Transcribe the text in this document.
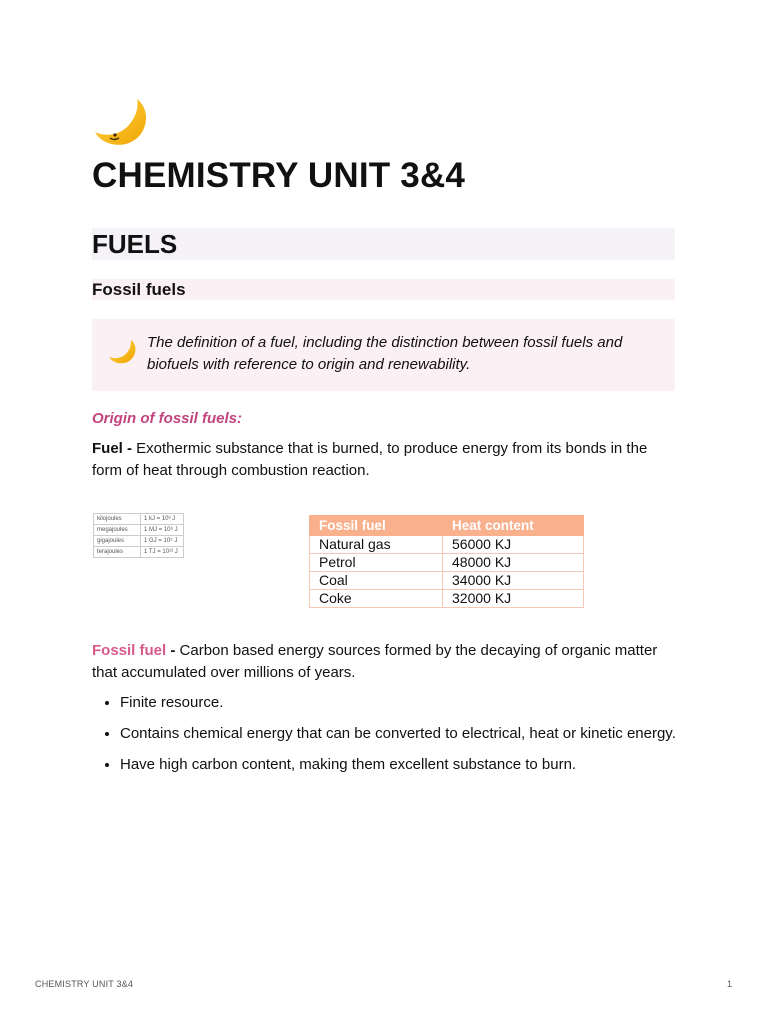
CHEMISTRY UNIT 3&4
FUELS
Fossil fuels
The definition of a fuel, including the distinction between fossil fuels and biofuels with reference to origin and renewability.
Origin of fossil fuels:
Fuel - Exothermic substance that is burned, to produce energy from its bonds in the form of heat through combustion reaction.
kilojoules	1 kJ = 10³ J
megajoules	1 MJ = 10⁶ J
gigajoules	1 GJ = 10⁹ J
terajoules	1 TJ = 10¹² J
Fossil fuel	Heat content
Natural gas	56000 KJ
Petrol	48000 KJ
Coal	34000 KJ
Coke	32000 KJ
Fossil fuel - Carbon based energy sources formed by the decaying of organic matter that accumulated over millions of years.
• Finite resource.
• Contains chemical energy that can be converted to electrical, heat or kinetic energy.
• Have high carbon content, making them excellent substance to burn.
CHEMISTRY UNIT 3&4	1
